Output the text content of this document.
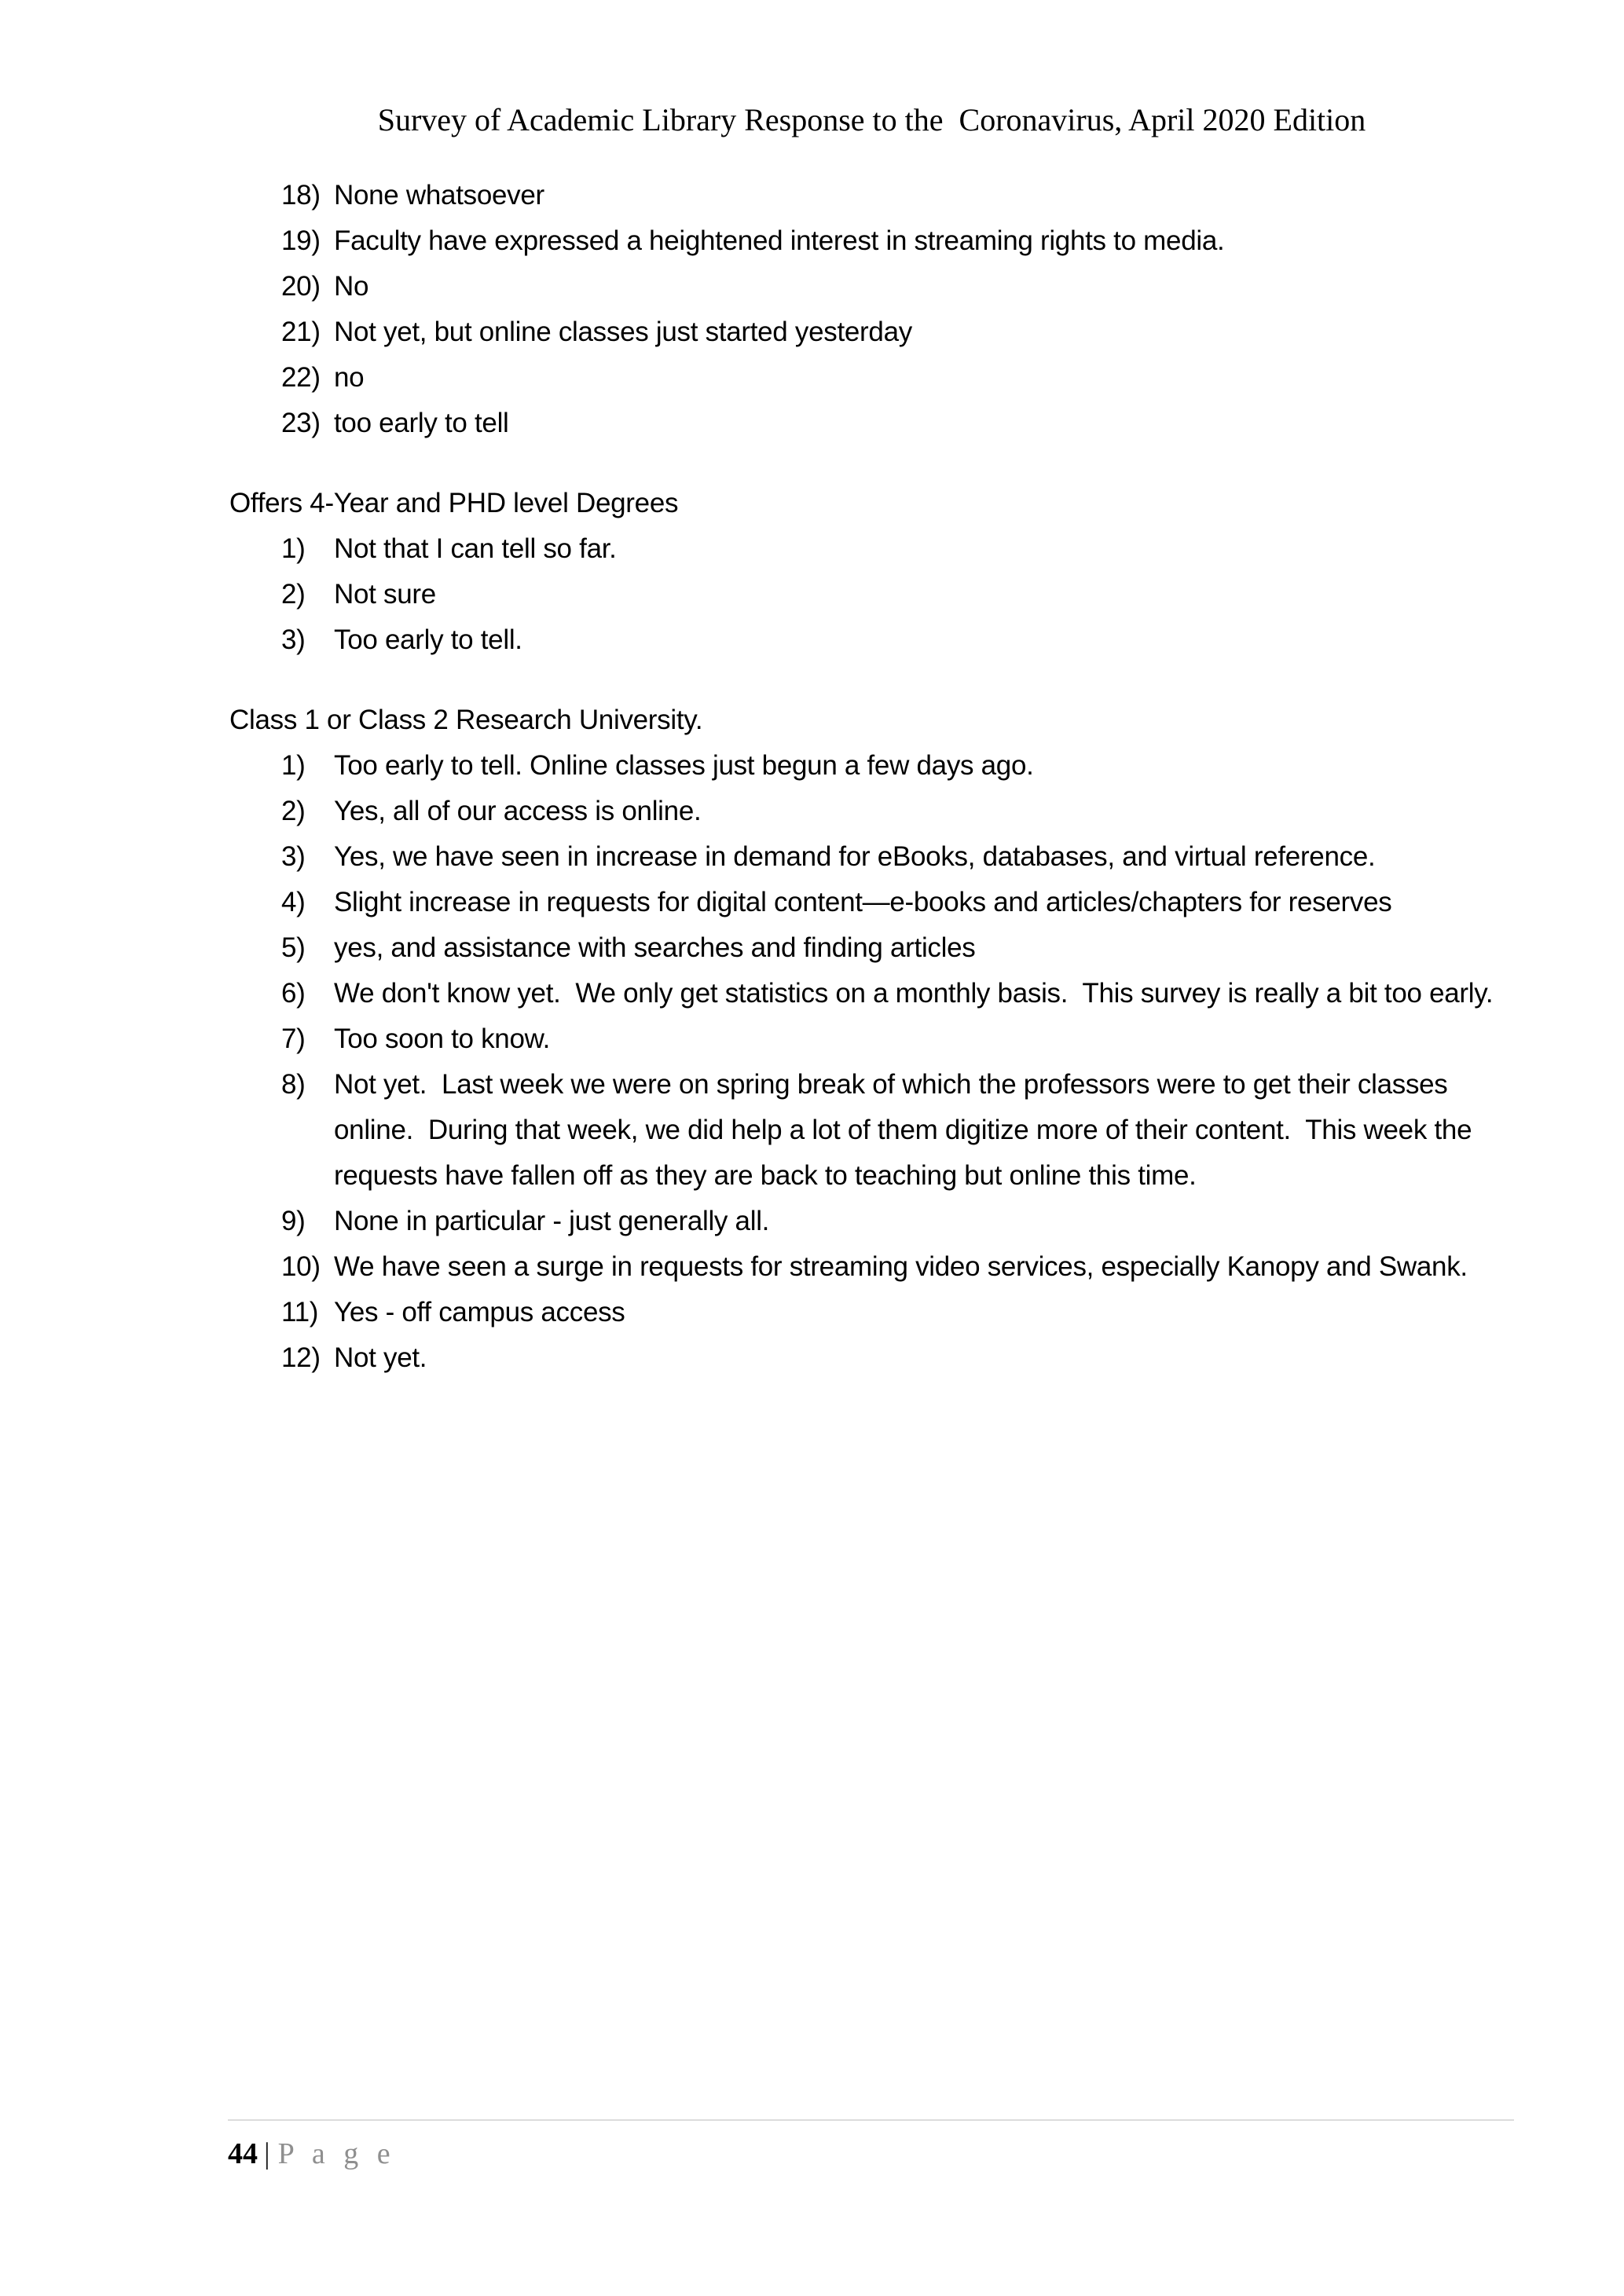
Survey of Academic Library Response to the  Coronavirus, April 2020 Edition
None whatsoever
Faculty have expressed a heightened interest in streaming rights to media.
No
Not yet, but online classes just started yesterday
no
too early to tell

Offers 4-Year and PHD level Degrees

Not that I can tell so far.
Not sure
Too early to tell.

Class 1 or Class 2 Research University.

Too early to tell. Online classes just begun a few days ago.
Yes, all of our access is online.
Yes, we have seen in increase in demand for eBooks, databases, and virtual reference.
Slight increase in requests for digital content—e-books and articles/chapters for reserves
yes, and assistance with searches and finding articles
We don't know yet.  We only get statistics on a monthly basis.  This survey is really a bit too early.
Too soon to know.
Not yet.  Last week we were on spring break of which the professors were to get their classes online.  During that week, we did help a lot of them digitize more of their content.  This week the requests have fallen off as they are back to teaching but online this time.
None in particular - just generally all.
We have seen a surge in requests for streaming video services, especially Kanopy and Swank.
Yes - off campus access
Not yet.
44 | P a g e
